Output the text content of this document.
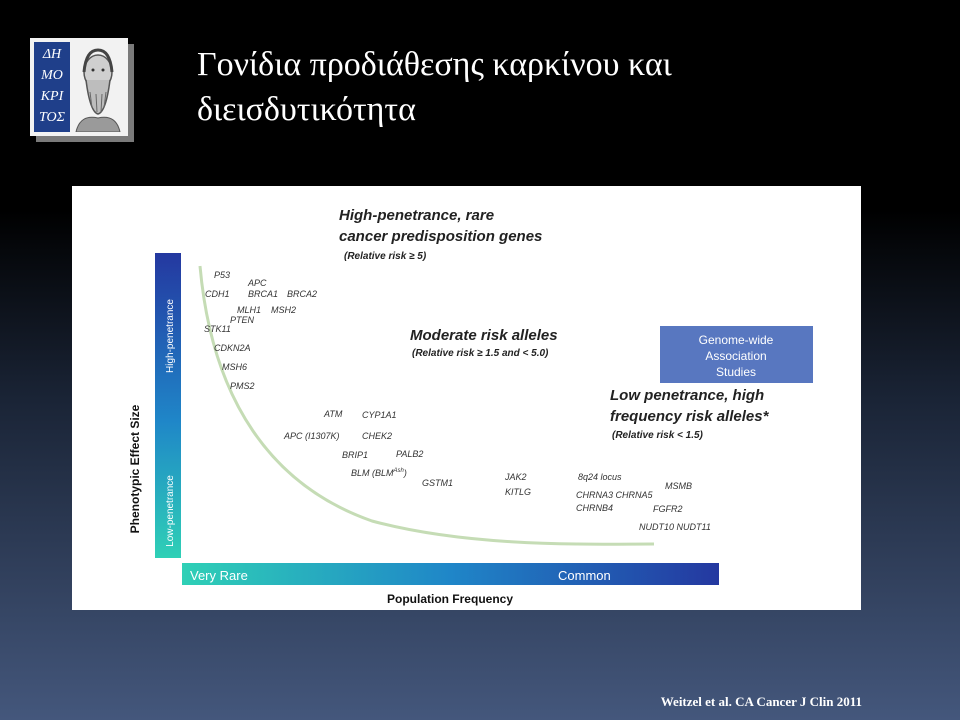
ΔΗ
ΜΟ
ΚΡΙ
ΤΟΣ
Γονίδια προδιάθεσης καρκίνου και διεισδυτικότητα
Phenotypic Effect Size
High-penetrance
Low-penetrance
Very Rare	Common
Population Frequency
Genome-wide
Association
Studies
High-penetrance, rare
cancer predisposition genes
(Relative risk ≥ 5)
Moderate risk alleles
(Relative risk ≥ 1.5 and < 5.0)
Low penetrance, high
frequency risk alleles*
(Relative risk < 1.5)
P53
APC
CDH1 BRCA1 BRCA2
MLH1 MSH2
PTEN
STK11
CDKN2A
MSH6
PMS2
ATM CYP1A1
APC (I1307K) CHEK2
BRIP1	PALB2
BLM $(BLM^{Ash})$
GSTM1
JAK2
KITLG
8q24 locus
CHRNA3 CHRNA5
CHRNB4
MSMB
FGFR2
NUDT10 NUDT11
Weitzel et al. CA Cancer J Clin 2011
